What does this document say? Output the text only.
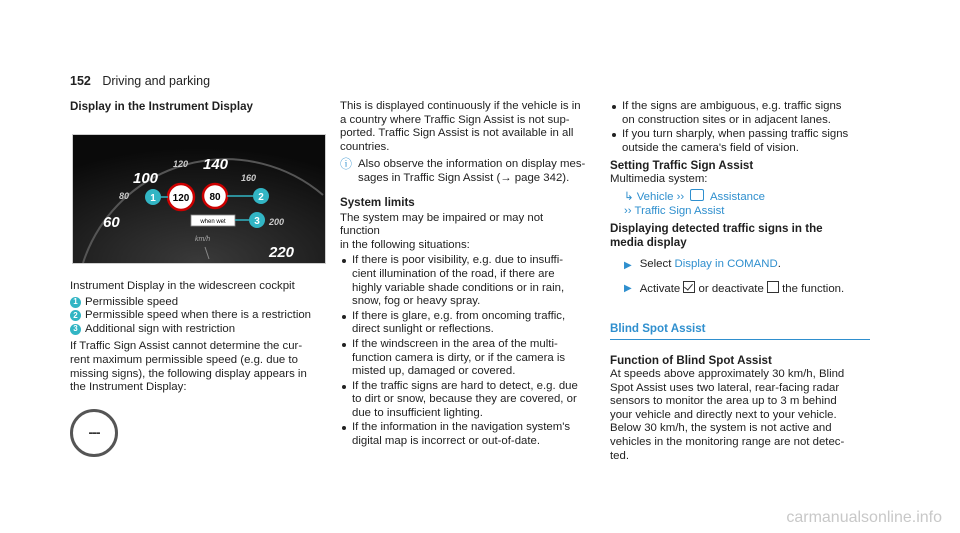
152 Driving and parking
Display in the Instrument Display
100
120 140
160
80
60	200
220
120 80
when wet
1	2
3
km/h

Instrument Display in the widescreen cockpit

1 Permissible speed
2 Permissible speed when there is a restriction
3 Additional sign with restriction

If Traffic Sign Assist cannot determine the cur-
rent maximum permissible speed (e.g. due to
missing signs), the following display appears in
the Instrument Display:

---

This is displayed continuously if the vehicle is in
a country where Traffic Sign Assist is not sup-
ported. Traffic Sign Assist is not available in all
countries.

ⓘ Also observe the information on display mes-
sages in Traffic Sign Assist (→ page 342).
System limits

The system may be impaired or may not function
in the following situations:

If there is poor visibility, e.g. due to insuffi-
cient illumination of the road, if there are
highly variable shade conditions or in rain,
snow, fog or heavy spray.
If there is glare, e.g. from oncoming traffic,
direct sunlight or reflections.
If the windscreen in the area of the multi-
function camera is dirty, or if the camera is
misted up, damaged or covered.
If the traffic signs are hard to detect, e.g. due
to dirt or snow, because they are covered, or
due to insufficient lighting.
If the information in the navigation system's
digital map is incorrect or out-of-date.
If the signs are ambiguous, e.g. traffic signs
on construction sites or in adjacent lanes.
If you turn sharply, when passing traffic signs
outside the camera's field of vision.
Setting Traffic Sign Assist

Multimedia system:

↳ Vehicle ››  Assistance
›› Traffic Sign Assist
Displaying detected traffic signs in the
media display
▶ Select Display in COMAND.
▶ Activate  or deactivate  the function.
Blind Spot Assist
Function of Blind Spot Assist

At speeds above approximately 30 km/h, Blind
Spot Assist uses two lateral, rear-facing radar
sensors to monitor the area up to 3 m behind
your vehicle and directly next to your vehicle.
Below 30 km/h, the system is not active and
vehicles in the monitoring range are not detec-
ted.

carmanualsonline.info
